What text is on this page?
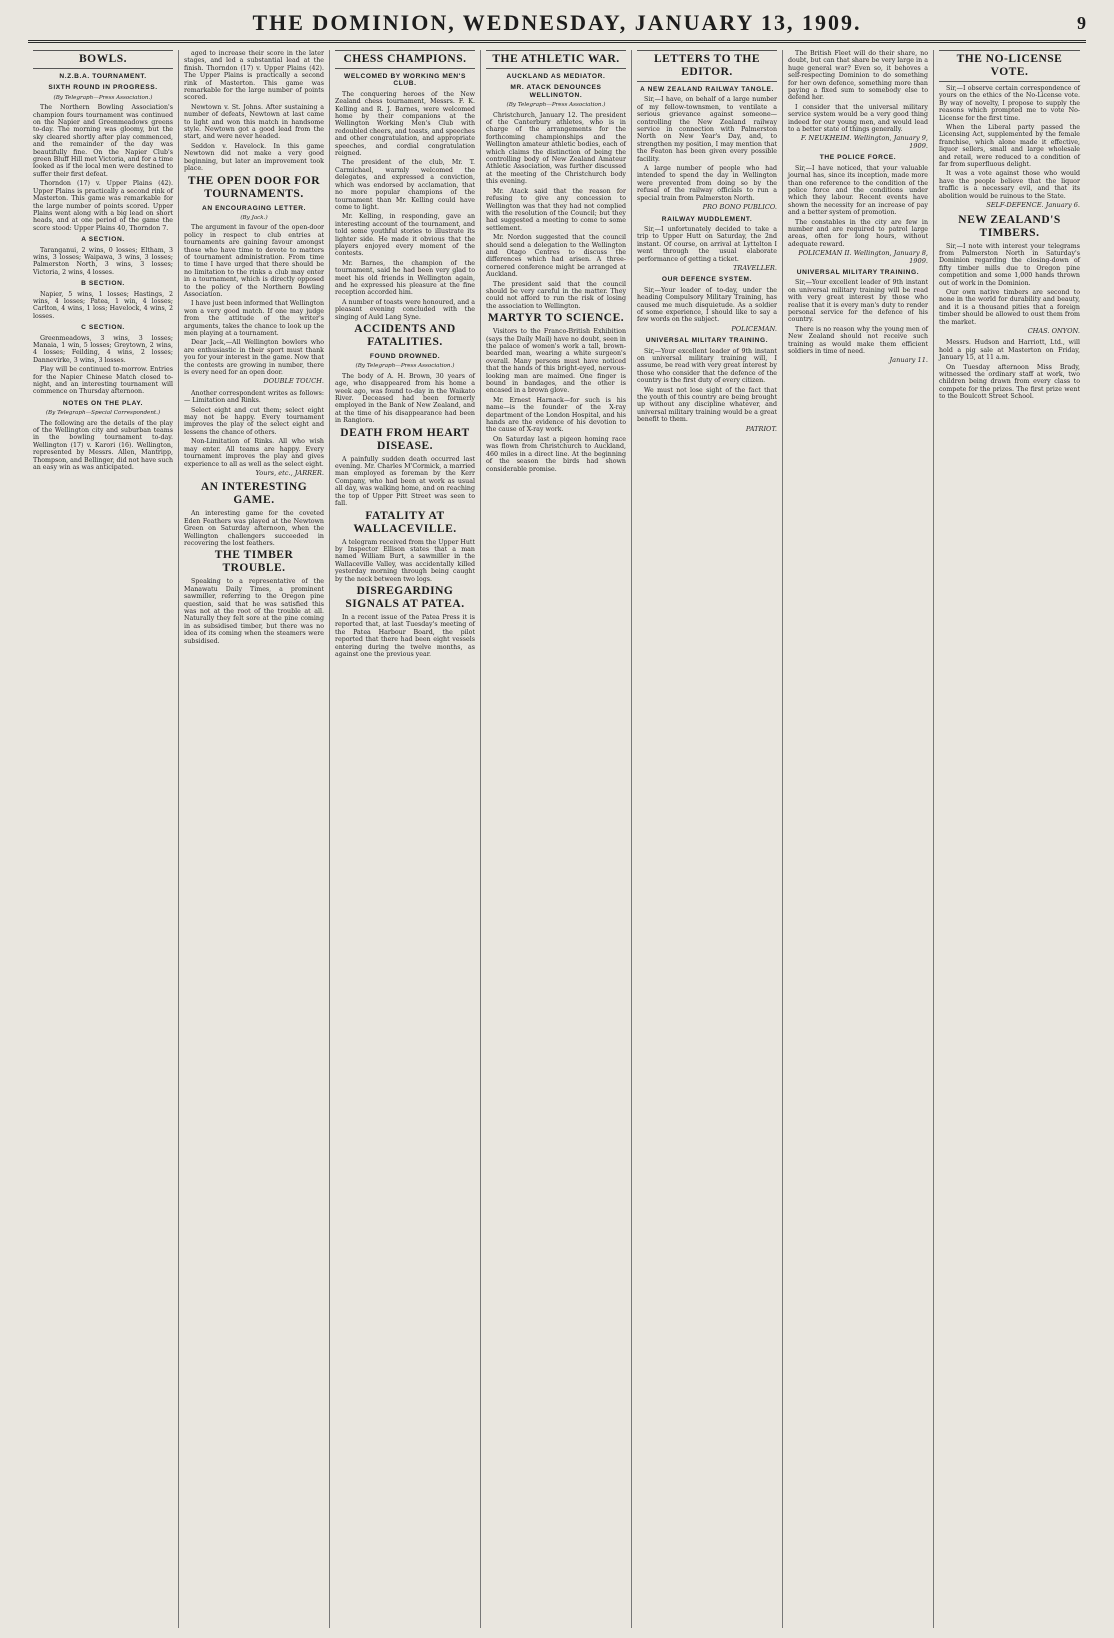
THE DOMINION, WEDNESDAY, JANUARY 13, 1909.	9
BOWLS.
N.Z.B.A. TOURNAMENT.
SIXTH ROUND IN PROGRESS.
(By Telegraph—Press Association.)

The Northern Bowling Association's champion fours tournament was continued on the Napier and Greenmeadows greens to-day. The morning was gloomy, but the sky cleared shortly after play commenced, and the remainder of the day was beautifully fine. On the Napier Club's green Bluff Hill met Victoria, and for a time looked as if the local men were destined to suffer their first defeat.

Thorndon (17) v. Upper Plains (42). Upper Plains is practically a second rink of Masterton. This game was remarkable for the large number of points scored. Upper Plains went along with a big lead on short heads, and at one period of the game the score stood: Upper Plains 40, Thorndon 7.

A SECTION.

Taranganui, 2 wins, 0 losses; Eltham, 3 wins, 3 losses; Waipawa, 3 wins, 3 losses; Palmerston North, 3 wins, 3 losses; Victoria, 2 wins, 4 losses.

B SECTION.

Napier, 5 wins, 1 losses; Hastings, 2 wins, 4 losses; Patea, 1 win, 4 losses; Carlton, 4 wins, 1 loss; Havelock, 4 wins, 2 losses.

C SECTION.

Greenmeadows, 3 wins, 3 losses; Manaia, 1 win, 5 losses; Greytown, 2 wins, 4 losses; Feilding, 4 wins, 2 losses; Dannevirke, 3 wins, 3 losses.

Play will be continued to-morrow. Entries for the Napier Chinese Match closed to-night, and an interesting tournament will commence on Thursday afternoon.

NOTES ON THE PLAY.
(By Telegraph—Special Correspondent.)

The following are the details of the play of the Wellington city and suburban teams in the bowling tournament to-day. Wellington (17) v. Karori (16). Wellington, represented by Messrs. Allen, Mantripp, Thompson, and Bellinger, did not have such an easy win as was anticipated.

aged to increase their score in the later stages, and led a substantial lead at the finish. Thorndon (17) v. Upper Plains (42). The Upper Plains is practically a second rink of Masterton. This game was remarkable for the large number of points scored.

Newtown v. St. Johns. After sustaining a number of defeats, Newtown at last came to light and won this match in handsome style. Newtown got a good lead from the start, and were never headed.

Seddon v. Havelock. In this game Newtown did not make a very good beginning, but later an improvement took place.

THE OPEN DOOR FOR TOURNAMENTS.
AN ENCOURAGING LETTER.
(By Jack.)

The argument in favour of the open-door policy in respect to club entries at tournaments are gaining favour amongst those who have time to devote to matters of tournament administration. From time to time I have urged that there should be no limitation to the rinks a club may enter in a tournament, which is directly opposed to the policy of the Northern Bowling Association.

I have just been informed that Wellington won a very good match. If one may judge from the attitude of the writer's arguments, takes the chance to look up the men playing at a tournament.

Dear Jack,—All Wellington bowlers who are enthusiastic in their sport must thank you for your interest in the game. Now that the contests are growing in number, there is every need for an open door.

DOUBLE TOUCH.

Another correspondent writes as follows:— Limitation and Rinks.

Select eight and cut them; select eight may not be happy. Every tournament improves the play of the select eight and lessens the chance of others.

Non-Limitation of Rinks. All who wish may enter. All teams are happy. Every tournament improves the play and gives experience to all as well as the select eight.

Yours, etc., JARRER.
AN INTERESTING GAME.

An interesting game for the coveted Eden Feathers was played at the Newtown Green on Saturday afternoon, when the Wellington challengers succeeded in recovering the lost feathers.

THE TIMBER TROUBLE.

Speaking to a representative of the Manawatu Daily Times, a prominent sawmiller, referring to the Oregon pine question, said that he was satisfied this was not at the root of the trouble at all. Naturally they felt sore at the pine coming in as subsidised timber, but there was no idea of its coming when the steamers were subsidised.

CHESS CHAMPIONS.
WELCOMED BY WORKING MEN'S CLUB.

The conquering heroes of the New Zealand chess tournament, Messrs. F. K. Kelling and R. J. Barnes, were welcomed home by their companions at the Wellington Working Men's Club with redoubled cheers, and toasts, and speeches and other congratulation, and appropriate speeches, and cordial congratulation reigned.

The president of the club, Mr. T. Carmichael, warmly welcomed the delegates, and expressed a conviction, which was endorsed by acclamation, that no more popular champions of the tournament than Mr. Kelling could have come to light.

Mr. Kelling, in responding, gave an interesting account of the tournament, and told some youthful stories to illustrate its lighter side. He made it obvious that the players enjoyed every moment of the contests.

Mr. Barnes, the champion of the tournament, said he had been very glad to meet his old friends in Wellington again, and he expressed his pleasure at the fine reception accorded him.

A number of toasts were honoured, and a pleasant evening concluded with the singing of Auld Lang Syne.

ACCIDENTS AND FATALITIES.
FOUND DROWNED.
(By Telegraph—Press Association.)

The body of A. H. Brown, 30 years of age, who disappeared from his home a week ago, was found to-day in the Waikato River. Deceased had been formerly employed in the Bank of New Zealand, and at the time of his disappearance had been in Rangiora.

DEATH FROM HEART DISEASE.

A painfully sudden death occurred last evening. Mr. Charles M'Cormick, a married man employed as foreman by the Kerr Company, who had been at work as usual all day, was walking home, and on reaching the top of Upper Pitt Street was seen to fall.

FATALITY AT WALLACEVILLE.

A telegram received from the Upper Hutt by Inspector Ellison states that a man named William Burt, a sawmiller in the Wallaceville Valley, was accidentally killed yesterday morning through being caught by the neck between two logs.

DISREGARDING SIGNALS AT PATEA.

In a recent issue of the Patea Press it is reported that, at last Tuesday's meeting of the Patea Harbour Board, the pilot reported that there had been eight vessels entering during the twelve months, as against one the previous year.

THE ATHLETIC WAR.
AUCKLAND AS MEDIATOR.
MR. ATACK DENOUNCES WELLINGTON.
(By Telegraph—Press Association.)

Christchurch, January 12. The president of the Canterbury athletes, who is in charge of the arrangements for the forthcoming championships and the Wellington amateur athletic bodies, each of which claims the distinction of being the controlling body of New Zealand Amateur Athletic Association, was further discussed at the meeting of the Christchurch body this evening.

Mr. Atack said that the reason for refusing to give any concession to Wellington was that they had not complied with the resolution of the Council; but they had suggested a meeting to come to some settlement.

Mr. Nordon suggested that the council should send a delegation to the Wellington and Otago Centres to discuss the differences which had arisen. A three-cornered conference might be arranged at Auckland.

The president said that the council should be very careful in the matter. They could not afford to run the risk of losing the association to Wellington.

MARTYR TO SCIENCE.

Visitors to the Franco-British Exhibition (says the Daily Mail) have no doubt, seen in the palace of women's work a tall, brown-bearded man, wearing a white surgeon's overall. Many persons must have noticed that the hands of this bright-eyed, nervous-looking man are maimed. One finger is bound in bandages, and the other is encased in a brown glove.

Mr. Ernest Harnack—for such is his name—is the founder of the X-ray department of the London Hospital, and his hands are the evidence of his devotion to the cause of X-ray work.

On Saturday last a pigeon homing race was flown from Christchurch to Auckland, 460 miles in a direct line. At the beginning of the season the birds had shown considerable promise.

LETTERS TO THE EDITOR.
A NEW ZEALAND RAILWAY TANGLE.

Sir,—I have, on behalf of a large number of my fellow-townsmen, to ventilate a serious grievance against someone—controlling the New Zealand railway service in connection with Palmerston North on New Year's Day, and, to strengthen my position, I may mention that the Featon has been given every possible facility.

A large number of people who had intended to spend the day in Wellington were prevented from doing so by the refusal of the railway officials to run a special train from Palmerston North.

PRO BONO PUBLICO.
RAILWAY MUDDLEMENT.

Sir,—I unfortunately decided to take a trip to Upper Hutt on Saturday, the 2nd instant. Of course, on arrival at Lyttelton I went through the usual elaborate performance of getting a ticket.

TRAVELLER.
OUR DEFENCE SYSTEM.

Sir,—Your leader of to-day, under the heading Compulsory Military Training, has caused me much disquietude. As a soldier of some experience, I should like to say a few words on the subject.

POLICEMAN.
UNIVERSAL MILITARY TRAINING.

Sir,—Your excellent leader of 9th instant on universal military training will, I assume, be read with very great interest by those who consider that the defence of the country is the first duty of every citizen.

We must not lose sight of the fact that the youth of this country are being brought up without any discipline whatever, and universal military training would be a great benefit to them.

PATRIOT.

The British Fleet will do their share, no doubt, but can that share be very large in a huge general war? Even so, it behoves a self-respecting Dominion to do something for her own defence, something more than paying a fixed sum to somebody else to defend her.

I consider that the universal military service system would be a very good thing indeed for our young men, and would lead to a better state of things generally.

F. NEUKHEIM. Wellington, January 9, 1909.
THE POLICE FORCE.

Sir,—I have noticed, that your valuable journal has, since its inception, made more than one reference to the condition of the police force and the conditions under which they labour. Recent events have shown the necessity for an increase of pay and a better system of promotion.

The constables in the city are few in number and are required to patrol large areas, often for long hours, without adequate reward.

POLICEMAN II. Wellington, January 8, 1909.
UNIVERSAL MILITARY TRAINING.

Sir,—Your excellent leader of 9th instant on universal military training will be read with very great interest by those who realise that it is every man's duty to render personal service for the defence of his country.

There is no reason why the young men of New Zealand should not receive such training as would make them efficient soldiers in time of need.

January 11.
THE NO-LICENSE VOTE.

Sir,—I observe certain correspondence of yours on the ethics of the No-License vote. By way of novelty, I propose to supply the reasons which prompted me to vote No-License for the first time.

When the Liberal party passed the Licensing Act, supplemented by the female franchise, which alone made it effective, liquor sellers, small and large wholesale and retail, were reduced to a condition of far from superfluous delight.

It was a vote against those who would have the people believe that the liquor traffic is a necessary evil, and that its abolition would be ruinous to the State.

SELF-DEFENCE. January 6.
NEW ZEALAND'S TIMBERS.

Sir,—I note with interest your telegrams from Palmerston North in Saturday's Dominion regarding the closing-down of fifty timber mills due to Oregon pine competition and some 1,000 hands thrown out of work in the Dominion.

Our own native timbers are second to none in the world for durability and beauty, and it is a thousand pities that a foreign timber should be allowed to oust them from the market.

CHAS. ONYON.

Messrs. Hudson and Harriott, Ltd., will hold a pig sale at Masterton on Friday, January 15, at 11 a.m.

On Tuesday afternoon Miss Brady, witnessed the ordinary staff at work, two children being drawn from every class to compete for the prizes. The first prize went to the Boulcott Street School.
